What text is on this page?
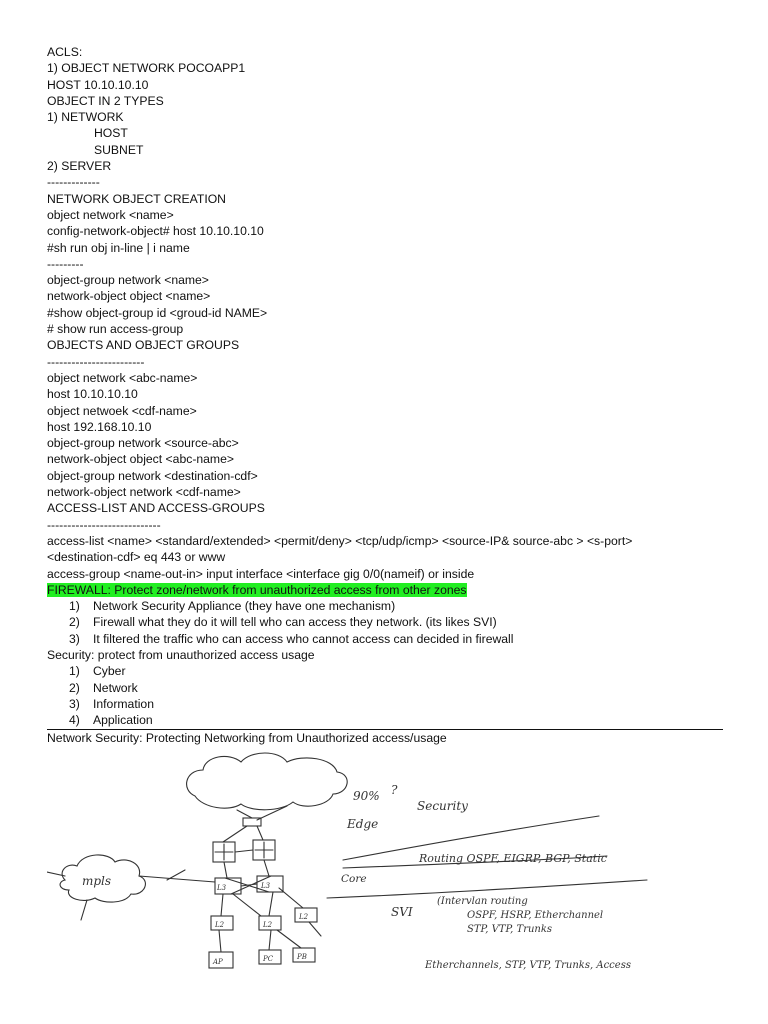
ACLS:
1) OBJECT NETWORK POCOAPP1
HOST 10.10.10.10
OBJECT IN 2 TYPES
1) NETWORK
HOST
SUBNET
2) SERVER
-------------
NETWORK OBJECT CREATION
object network <name>
config-network-object# host 10.10.10.10
#sh run obj in-line | i name
---------
object-group network <name>
network-object object <name>
#show object-group id <groud-id NAME>
# show run access-group
OBJECTS AND OBJECT GROUPS
------------------------
object network <abc-name>
host 10.10.10.10
object netwoek <cdf-name>
host 192.168.10.10
object-group network <source-abc>
network-object object <abc-name>
object-group network <destination-cdf>
network-object network <cdf-name>
ACCESS-LIST AND ACCESS-GROUPS
----------------------------
access-list <name> <standard/extended> <permit/deny> <tcp/udp/icmp> <source-IP& source-abc > <s-port>
<destination-cdf> eq 443 or www
access-group <name-out-in> input interface <interface gig 0/0(nameif) or inside
FIREWALL: Protect zone/network from unauthorized access from other zones
1) Network Security Appliance (they have one mechanism)
2) Firewall what they do it will tell who can access they network. (its likes SVI)
3) It filtered the traffic who can access who cannot access can decided in firewall
Security: protect from unauthorized access usage
1) Cyber
2) Network
3) Information
4) Application
Network Security: Protecting Networking from Unauthorized access/usage
mpls
90% ?
Edge
Security
Core
Routing OSPF, EIGRP, BGP, Static
SVI
(Intervlan routing
OSPF, HSRP, Etherchannel
STP, VTP, Trunks
Etherchannels, STP, VTP, Trunks, Access
L3	L3
L2	L2
L2
AP	PC	PB
